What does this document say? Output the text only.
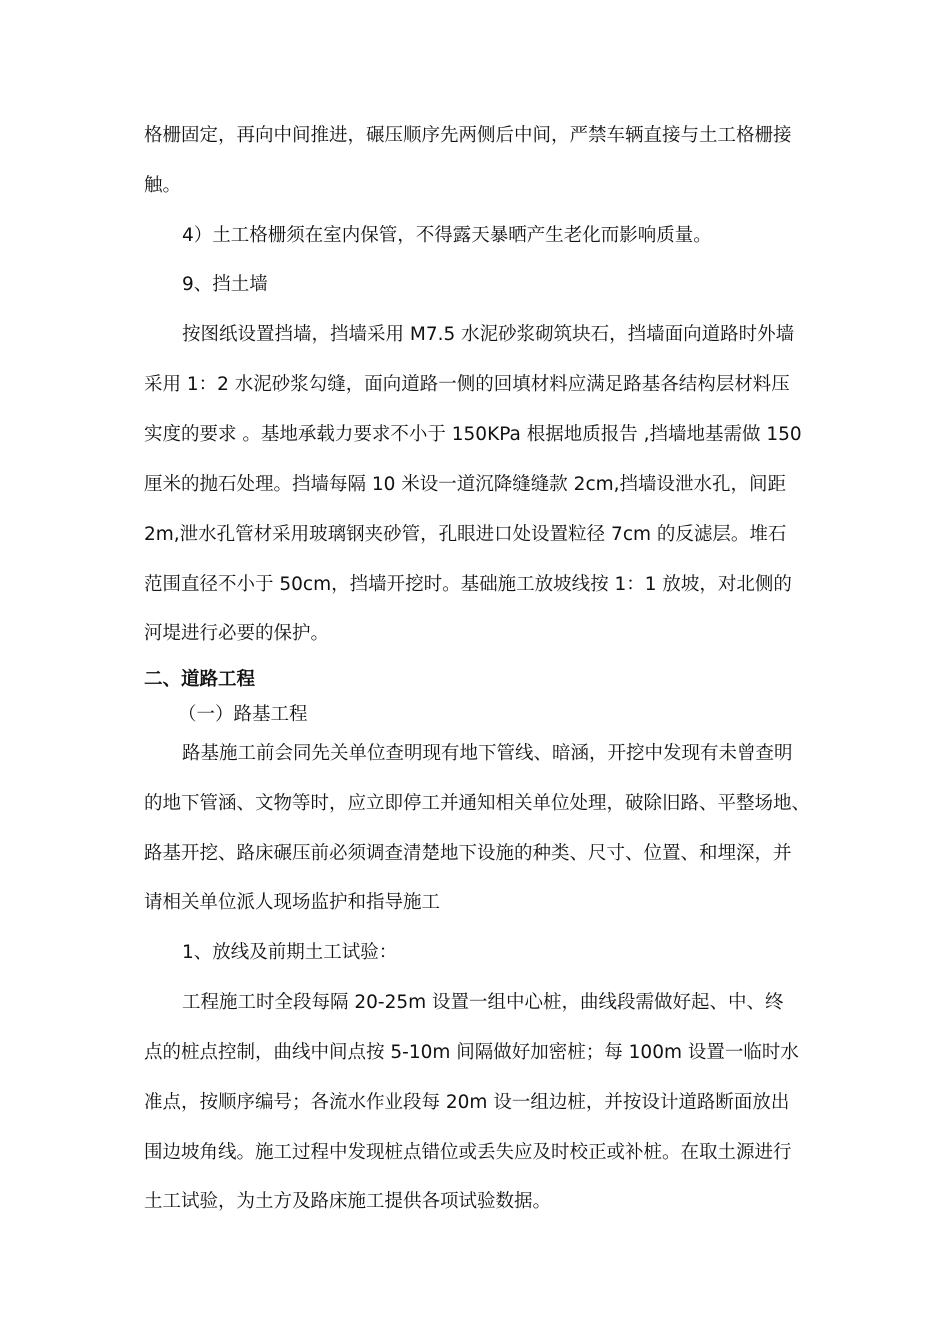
格栅固定，再向中间推进，碾压顺序先两侧后中间，严禁车辆直接与土工格栅接
触。
4）土工格栅须在室内保管，不得露天暴晒产生老化而影响质量。
9、挡土墙
按图纸设置挡墙，挡墙采用 M7.5 水泥砂浆砌筑块石，挡墙面向道路时外墙
采用 1：2 水泥砂浆勾缝，面向道路一侧的回填材料应满足路基各结构层材料压
实度的要求 。基地承载力要求不小于 150KPa 根据地质报告 ,挡墙地基需做 150
厘米的抛石处理。挡墙每隔 10 米设一道沉降缝缝款 2cm,挡墙设泄水孔，间距
2m,泄水孔管材采用玻璃钢夹砂管，孔眼进口处设置粒径 7cm 的反滤层。堆石
范围直径不小于 50cm，挡墙开挖时。基础施工放坡线按 1：1 放坡，对北侧的
河堤进行必要的保护。
二、道路工程
（一）路基工程
路基施工前会同先关单位查明现有地下管线、暗涵，开挖中发现有未曾查明
的地下管涵、文物等时，应立即停工并通知相关单位处理，破除旧路、平整场地、
路基开挖、路床碾压前必须调查清楚地下设施的种类、尺寸、位置、和埋深，并
请相关单位派人现场监护和指导施工
1、放线及前期土工试验：
工程施工时全段每隔 20-25m 设置一组中心桩，曲线段需做好起、中、终
点的桩点控制，曲线中间点按 5-10m 间隔做好加密桩；每 100m 设置一临时水
准点，按顺序编号；各流水作业段每 20m 设一组边桩，并按设计道路断面放出
围边坡角线。施工过程中发现桩点错位或丢失应及时校正或补桩。在取土源进行
土工试验，为土方及路床施工提供各项试验数据。
